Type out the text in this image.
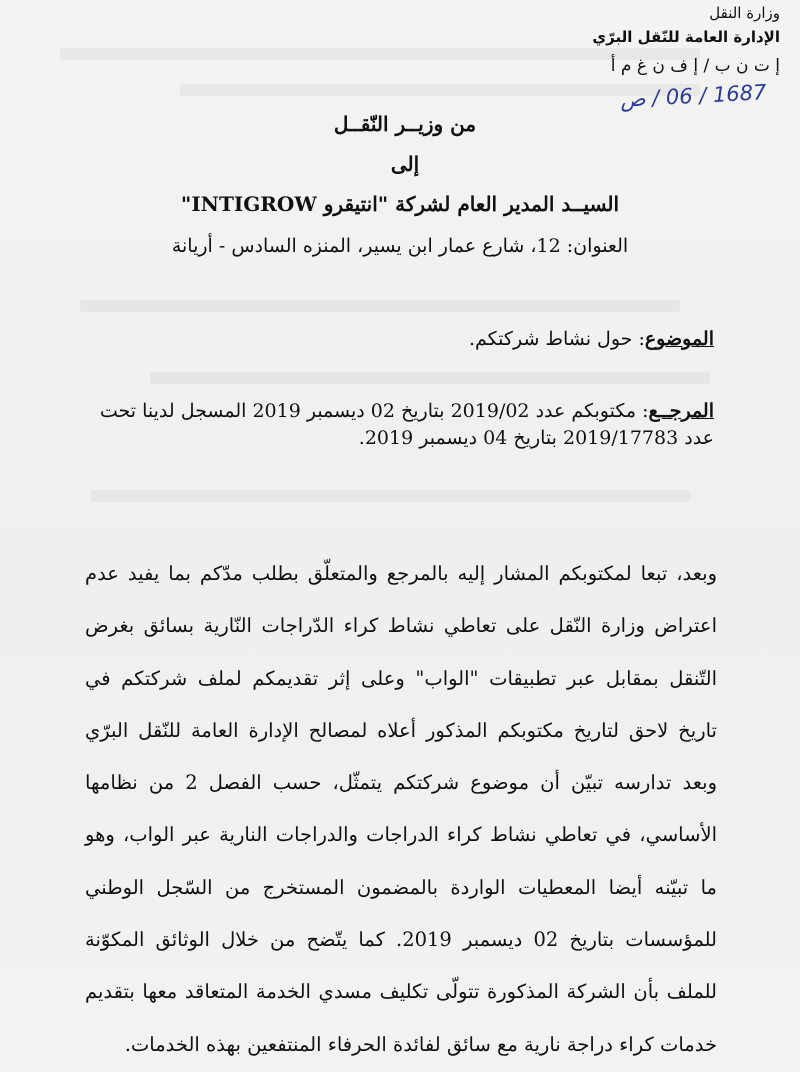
وزارة النقل
الإدارة العامة للنّقل البرّي
إ ت ن ب / إ ف ن غ م أ
1687 / 06 / ص
من وزيــر النّقــل
إلى
السيــد المدير العام لشركة "انتيقرو INTIGROW"
العنوان: 12، شارع عمار ابن يسير، المنزه السادس - أريانة
الموضوع: حول نشاط شركتكم.
المرجــع: مكتوبكم عدد 2019/02 بتاريخ 02 ديسمبر 2019 المسجل لدينا تحت عدد 2019/17783 بتاريخ 04 ديسمبر 2019.
وبعد، تبعا لمكتوبكم المشار إليه بالمرجع والمتعلّق بطلب مدّكم بما يفيد عدم اعتراض وزارة النّقل على تعاطي نشاط كراء الدّراجات النّارية بسائق بغرض التّنقل بمقابل عبر تطبيقات "الواب" وعلى إثر تقديمكم لملف شركتكم في تاريخ لاحق لتاريخ مكتوبكم المذكور أعلاه لمصالح الإدارة العامة للنّقل البرّي وبعد تدارسه تبيّن أن موضوع شركتكم يتمثّل، حسب الفصل 2 من نظامها الأساسي، في تعاطي نشاط كراء الدراجات والدراجات النارية عبر الواب، وهو ما تبيّنه أيضا المعطيات الواردة بالمضمون المستخرج من السّجل الوطني للمؤسسات بتاريخ 02 ديسمبر 2019. كما يتّضح من خلال الوثائق المكوّنة للملف بأن الشركة المذكورة تتولّى تكليف مسدي الخدمة المتعاقد معها بتقديم خدمات كراء دراجة نارية مع سائق لفائدة الحرفاء المنتفعين بهذه الخدمات.
